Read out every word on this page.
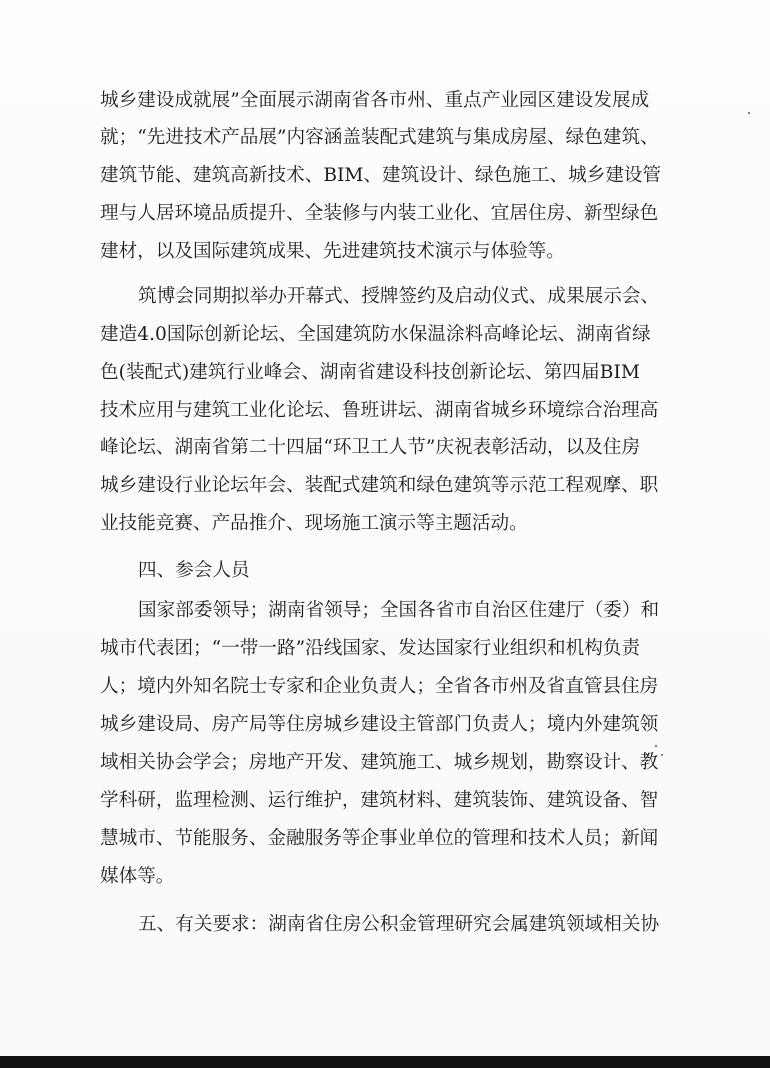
城 乡 建 设 成 就 展 ” 全 面 展 示 湖 南 省 各 市 州 、 重 点 产 业 园 区 建 设 发 展 成
就 ； “ 先 进 技 术 产 品 展 ” 内 容 涵 盖 装 配 式 建 筑 与 集 成 房 屋 、 绿 色 建 筑 、
建 筑 节 能 、 建 筑 高 新 技 术 、 B I M 、 建 筑 设 计 、 绿 色 施 工 、 城 乡 建 设 管
理 与 人 居 环 境 品 质 提 升 、 全 装 修 与 内 装 工 业 化 、 宜 居 住 房 、 新 型 绿 色
建材，以及国际建筑成果、先进建筑技术演示与体验等。
筑 博 会 同 期 拟 举 办 开 幕 式 、 授 牌 签 约 及 启 动 仪 式 、 成 果 展 示 会 、
建 造 4 . 0 国 际 创 新 论 坛 、 全 国 建 筑 防 水 保 温 涂 料 高 峰 论 坛 、 湖 南 省 绿
色 ( 装 配 式 ) 建 筑 行 业 峰 会 、 湖 南 省 建 设 科 技 创 新 论 坛 、 第 四 届 B I M
技 术 应 用 与 建 筑 工 业 化 论 坛 、 鲁 班 讲 坛 、 湖 南 省 城 乡 环 境 综 合 治 理 高
峰 论 坛 、 湖 南 省 第 二 十 四 届 “ 环 卫 工 人 节 ” 庆 祝 表 彰 活 动 ， 以 及 住 房
城 乡 建 设 行 业 论 坛 年 会 、 装 配 式 建 筑 和 绿 色 建 筑 等 示 范 工 程 观 摩 、 职
业技能竞赛、产品推介、现场施工演示等主题活动。
四、参会人员
国 家 部 委 领 导 ； 湖 南 省 领 导 ； 全 国 各 省 市 自 治 区 住 建 厅 （ 委 ） 和
城 市 代 表 团 ； “ 一 带 一 路 ” 沿 线 国 家 、 发 达 国 家 行 业 组 织 和 机 构 负 责
人 ； 境 内 外 知 名 院 士 专 家 和 企 业 负 责 人 ； 全 省 各 市 州 及 省 直 管 县 住 房
城 乡 建 设 局 、 房 产 局 等 住 房 城 乡 建 设 主 管 部 门 负 责 人 ； 境 内 外 建 筑 领
域 相 关 协 会 学 会 ； 房 地 产 开 发 、 建 筑 施 工 、 城 乡 规 划 ， 勘 察 设 计 、 教
学 科 研 ， 监 理 检 测 、 运 行 维 护 ， 建 筑 材 料 、 建 筑 装 饰 、 建 筑 设 备 、 智
慧 城 市 、 节 能 服 务 、 金 融 服 务 等 企 事 业 单 位 的 管 理 和 技 术 人 员 ； 新 闻
媒体等。
五 、 有 关 要 求 ： 湖 南 省 住 房 公 积 金 管 理 研 究 会 属 建 筑 领 域 相 关 协
